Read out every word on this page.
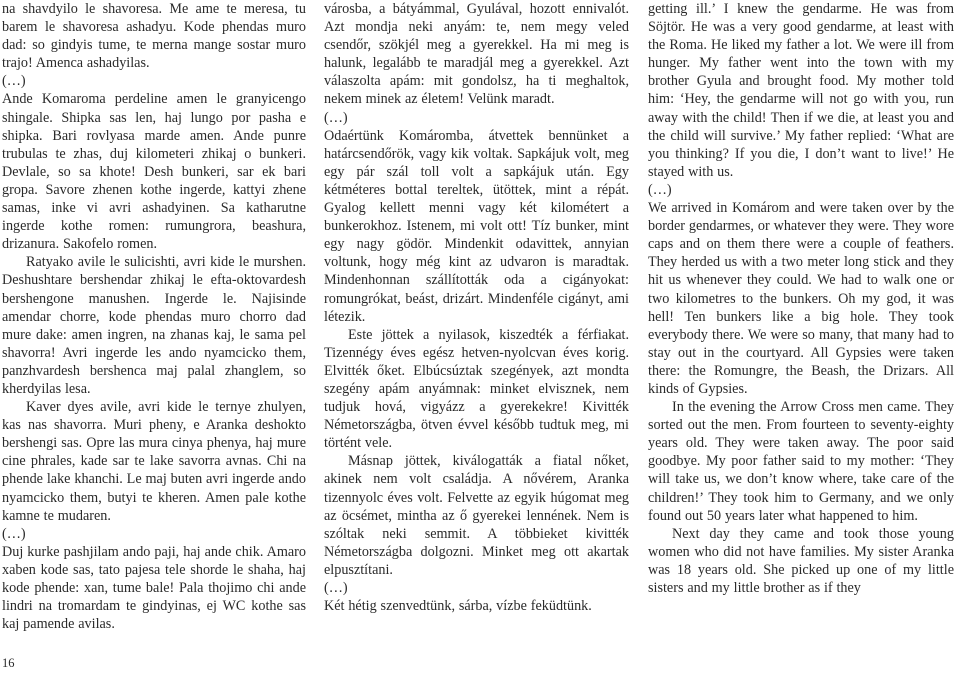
na shavdyilo le shavoresa. Me ame te meresa, tu barem le shavoresa ashadyu. Kode phendas muro dad: so gindyis tume, te merna mange sostar muro trajo! Amenca ashadyilas.

(…)

Ande Komaroma perdeline amen le granyicengo shingale. Shipka sas len, haj lungo por pasha e shipka. Bari rovlyasa marde amen. Ande punre trubulas te zhas, duj kilometeri zhikaj o bunkeri. Devlale, so sa khote! Desh bunkeri, sar ek bari gropa. Savore zhenen kothe ingerde, kattyi zhene samas, inke vi avri ashadyinen. Sa katharutne ingerde kothe romen: rumungrora, beashura, drizanura. Sakofelo romen.

Ratyako avile le sulicishti, avri kide le murshen. Deshushtare bershendar zhikaj le efta-oktovardesh bershengone manushen. Ingerde le. Najisinde amendar chorre, kode phendas muro chorro dad mure dake: amen ingren, na zhanas kaj, le sama pel shavorra! Avri ingerde les ando nyamcicko them, panzhvardesh bershenca maj palal zhanglem, so kherdyilas lesa.

Kaver dyes avile, avri kide le ternye zhulyen, kas nas shavorra. Muri pheny, e Aranka deshokto bershengi sas. Opre las mura cinya phenya, haj mure cine phrales, kade sar te lake savorra avnas. Chi na phende lake khanchi. Le maj buten avri ingerde ando nyamcicko them, butyi te kheren. Amen pale kothe kamne te mudaren.

(…)

Duj kurke pashjilam ando paji, haj ande chik. Amaro xaben kode sas, tato pajesa tele shorde le shaha, haj kode phende: xan, tume bale! Pala thojimo chi ande lindri na tromardam te gindyinas, ej WC kothe sas kaj pamende avilas.

városba, a bátyámmal, Gyulával, hozott ennivalót. Azt mondja neki anyám: te, nem megy veled csendőr, szökjél meg a gyerekkel. Ha mi meg is halunk, legalább te maradjál meg a gyerekkel. Azt válaszolta apám: mit gondolsz, ha ti meghaltok, nekem minek az életem! Velünk maradt.

(…)

Odaértünk Komáromba, átvettek bennünket a határcsendőrök, vagy kik voltak. Sapkájuk volt, meg egy pár szál toll volt a sapkájuk után. Egy kétméteres bottal tereltek, ütöttek, mint a répát. Gyalog kellett menni vagy két kilométert a bunkerokhoz. Istenem, mi volt ott! Tíz bunker, mint egy nagy gödör. Mindenkit odavittek, annyian voltunk, hogy még kint az udvaron is maradtak. Mindenhonnan szállították oda a cigányokat: romungrókat, beást, drizárt. Mindenféle cigányt, ami létezik.

Este jöttek a nyilasok, kiszedték a férfiakat. Tizennégy éves egész hetven-nyolcvan éves korig. Elvitték őket. Elbúcsúztak szegények, azt mondta szegény apám anyámnak: minket elvisznek, nem tudjuk hová, vigyázz a gyerekekre! Kivitték Németországba, ötven évvel később tudtuk meg, mi történt vele.

Másnap jöttek, kiválogatták a fiatal nőket, akinek nem volt családja. A nővérem, Aranka tizennyolc éves volt. Felvette az egyik húgomat meg az öcsémet, mintha az ő gyerekei lennének. Nem is szóltak neki semmit. A többieket kivitték Németországba dolgozni. Minket meg ott akartak elpusztítani.

(…)

Két hétig szenvedtünk, sárba, vízbe feküdtünk.

getting ill.’ I knew the gendarme. He was from Söjtör. He was a very good gendarme, at least with the Roma. He liked my father a lot. We were ill from hunger. My father went into the town with my brother Gyula and brought food. My mother told him: ‘Hey, the gendarme will not go with you, run away with the child! Then if we die, at least you and the child will survive.’ My father replied: ‘What are you thinking? If you die, I don’t want to live!’ He stayed with us.

(…)

We arrived in Komárom and were taken over by the border gendarmes, or whatever they were. They wore caps and on them there were a couple of feathers. They herded us with a two meter long stick and they hit us whenever they could. We had to walk one or two kilometres to the bunkers. Oh my god, it was hell! Ten bunkers like a big hole. They took everybody there. We were so many, that many had to stay out in the courtyard. All Gypsies were taken there: the Romungre, the Beash, the Drizars. All kinds of Gypsies.

In the evening the Arrow Cross men came. They sorted out the men. From fourteen to seventy-eighty years old. They were taken away. The poor said goodbye. My poor father said to my mother: ‘They will take us, we don’t know where, take care of the children!’ They took him to Germany, and we only found out 50 years later what happened to him.

Next day they came and took those young women who did not have families. My sister Aranka was 18 years old. She picked up one of my little sisters and my little brother as if they

16
